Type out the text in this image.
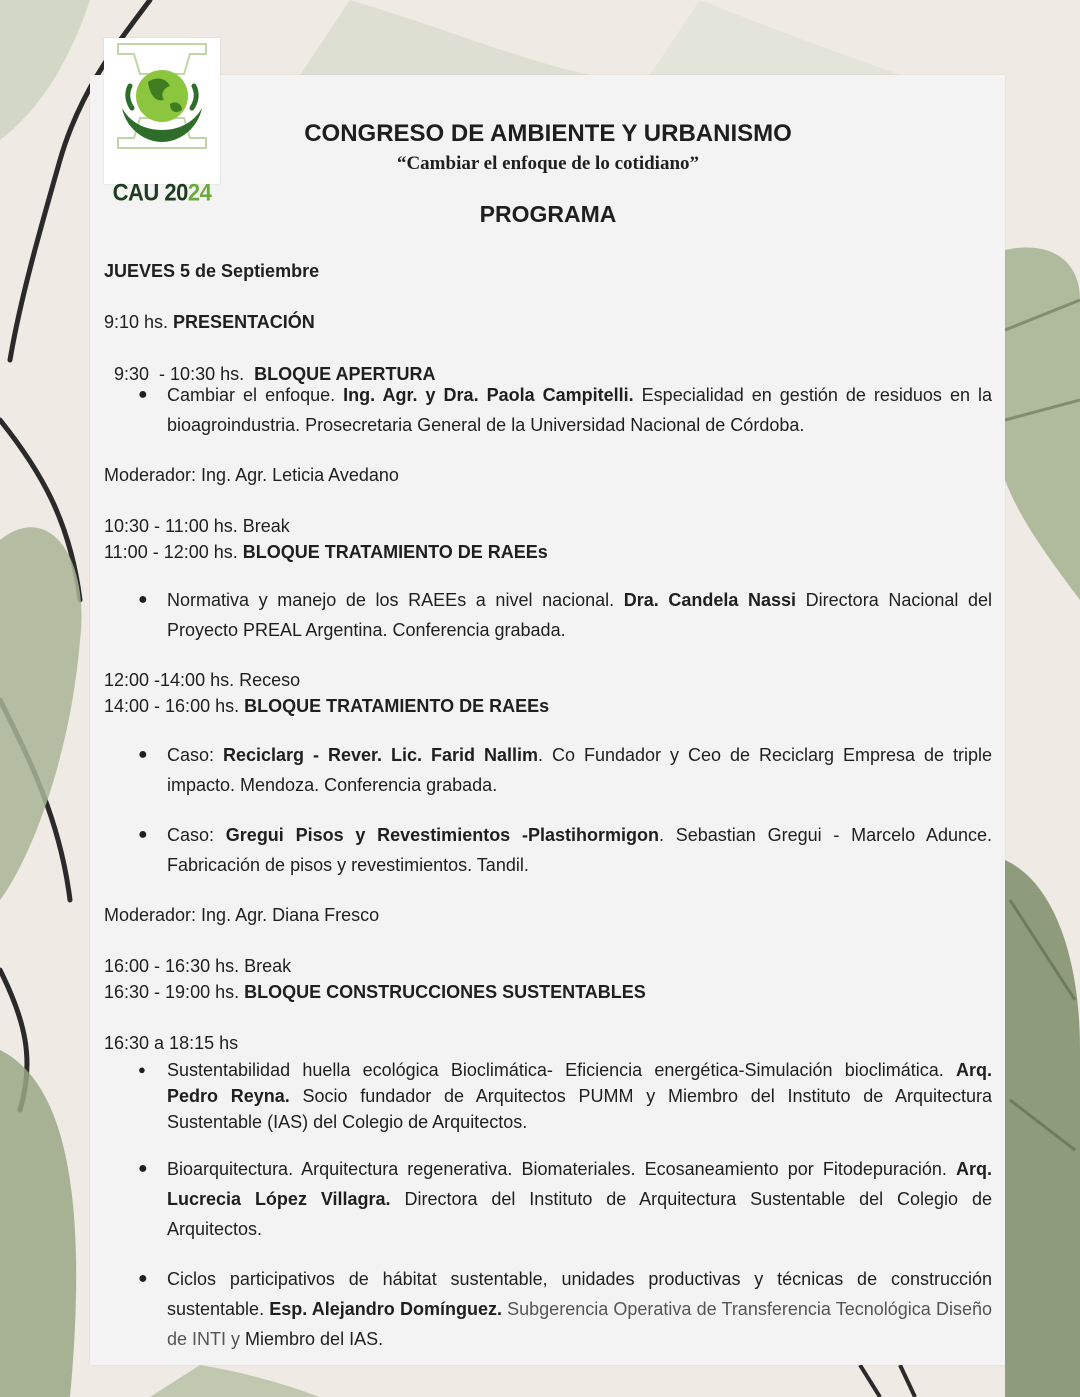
CAU 2024
CONGRESO DE AMBIENTE Y URBANISMO
“Cambiar el enfoque de lo cotidiano”
PROGRAMA
JUEVES 5 de Septiembre
9:10 hs. PRESENTACIÓN

9:30  - 10:30 hs.  BLOQUE APERTURA

● Cambiar el enfoque. Ing. Agr. y Dra. Paola Campitelli. Especialidad en gestión de residuos en la bioagroindustria. Prosecretaria General de la Universidad Nacional de Córdoba.
Moderador: Ing. Agr. Leticia Avedano
10:30 - 11:00 hs. Break
11:00 - 12:00 hs. BLOQUE TRATAMIENTO DE RAEEs
● Normativa y manejo de los RAEEs a nivel nacional. Dra. Candela Nassi Directora Nacional del Proyecto PREAL Argentina. Conferencia grabada.
12:00 -14:00 hs. Receso
14:00 - 16:00 hs. BLOQUE TRATAMIENTO DE RAEEs
● Caso: Reciclarg - Rever. Lic. Farid Nallim. Co Fundador y Ceo de Reciclarg Empresa de triple impacto. Mendoza. Conferencia grabada.
● Caso: Gregui Pisos y Revestimientos -Plastihormigon. Sebastian Gregui - Marcelo Adunce. Fabricación de pisos y revestimientos. Tandil.
Moderador: Ing. Agr. Diana Fresco
16:00 - 16:30 hs. Break
16:30 - 19:00 hs. BLOQUE CONSTRUCCIONES SUSTENTABLES
16:30 a 18:15 hs
● Sustentabilidad huella ecológica Bioclimática- Eficiencia energética-Simulación bioclimática. Arq. Pedro Reyna. Socio fundador de Arquitectos PUMM y Miembro del Instituto de Arquitectura Sustentable (IAS) del Colegio de Arquitectos.
● Bioarquitectura. Arquitectura regenerativa. Biomateriales. Ecosaneamiento por Fitodepuración. Arq. Lucrecia López Villagra. Directora del Instituto de Arquitectura Sustentable del Colegio de Arquitectos.
● Ciclos participativos de hábitat sustentable, unidades productivas y técnicas de construcción sustentable. Esp. Alejandro Domínguez. Subgerencia Operativa de Transferencia Tecnológica Diseño de INTI y Miembro del IAS.
